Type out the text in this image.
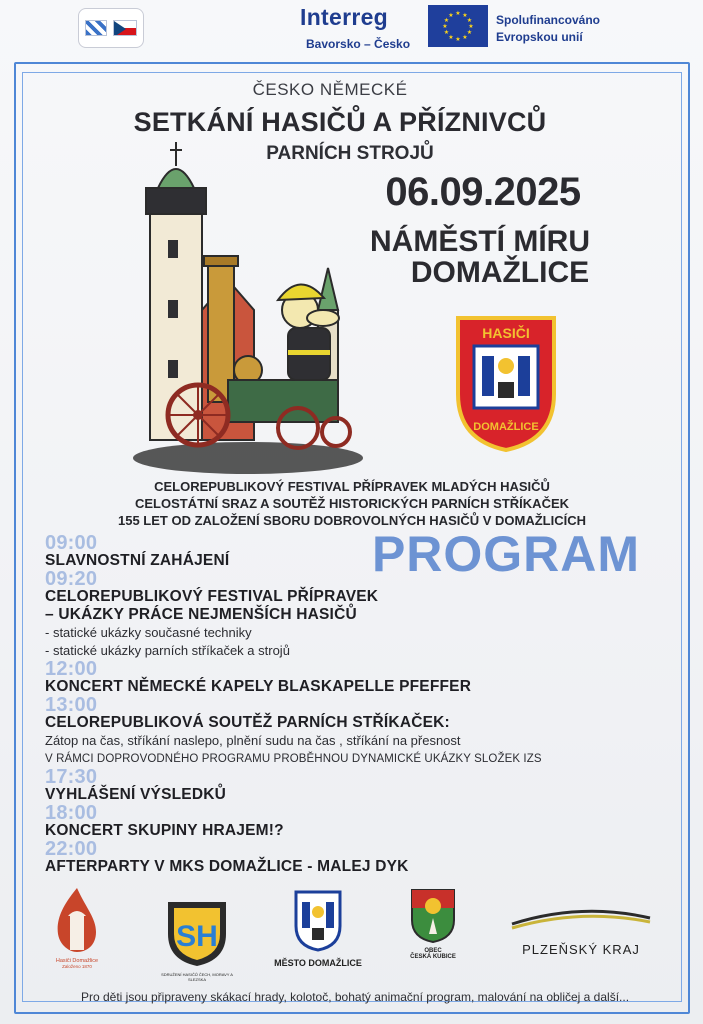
Interreg
Bavorsko – Česko
★ ★
★
★
★
★
★
★
★
★
★
★	Spolufinancováno
Evropskou unií
ČESKO NĚMECKÉ
SETKÁNÍ HASIČŮ A PŘÍZNIVCŮ
PARNÍCH STROJŮ
06.09.2025
NÁMĚSTÍ MÍRU
DOMAŽLICE
HASIČI
DOMAŽLICE
CELOREPUBLIKOVÝ FESTIVAL PŘÍPRAVEK MLADÝCH HASIČŮ
CELOSTÁTNÍ SRAZ A SOUTĚŽ HISTORICKÝCH PARNÍCH STŘÍKAČEK
155 LET OD ZALOŽENÍ SBORU DOBROVOLNÝCH HASIČŮ V DOMAŽLICÍCH
PROGRAM
09:00
SLAVNOSTNÍ ZAHÁJENÍ
09:20
CELOREPUBLIKOVÝ FESTIVAL PŘÍPRAVEK
– UKÁZKY PRÁCE NEJMENŠÍCH HASIČŮ
- statické ukázky současné techniky
- statické ukázky parních stříkaček a strojů
12:00
KONCERT NĚMECKÉ KAPELY BLASKAPELLE PFEFFER
13:00
CELOREPUBLIKOVÁ SOUTĚŽ PARNÍCH STŘÍKAČEK:
Zátop na čas, stříkání naslepo, plnění sudu na čas , stříkání na přesnost
V RÁMCI DOPROVODNÉHO PROGRAMU PROBĚHNOU DYNAMICKÉ UKÁZKY SLOŽEK IZS
17:30
VYHLÁŠENÍ VÝSLEDKŮ
18:00
KONCERT SKUPINY HRAJEM!?
22:00
AFTERPARTY V MKS DOMAŽLICE - MALEJ DYK
Hasiči Domažlice
Založeno 1870
SH
SDRUŽENÍ HASIČŮ ČECH, MORAVY A SLEZSKA
MĚSTO DOMAŽLICE
OBEC
ČESKÁ KUBICE	PLZEŇSKÝ KRAJ
Pro děti jsou připraveny skákací hrady, kolotoč, bohatý animační program, malování na obličej a další...
